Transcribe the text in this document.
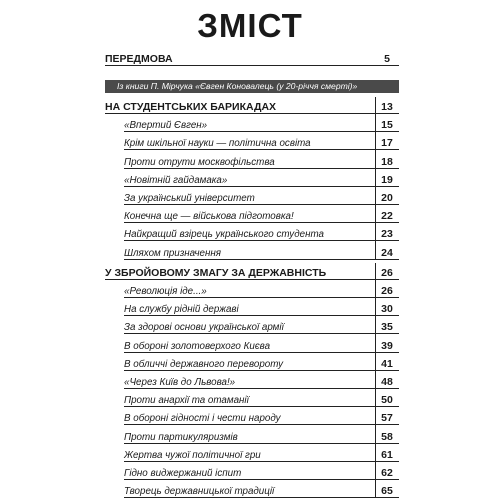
ЗМІСТ
ПЕРЕДМОВА	5
Із книги П. Мірчука «Євген Коновалець (у 20-річчя смерті)»
НА СТУДЕНТСЬКИХ БАРИКАДАХ	13
«Впертий Євген»	15
Крім шкільної науки — політична освіта	17
Проти отрути москвофільства	18
«Новітній гайдамака»	19
За український університет	20
Конечна ще — військова підготовка!	22
Найкращий взірець українського студента	23
Шляхом призначення	24
У ЗБРОЙОВОМУ ЗМАГУ ЗА ДЕРЖАВНІСТЬ	26
«Революція іде...»	26
На службу рідній державі	30
За здорові основи української армії	35
В обороні золотоверхого Києва	39
В обличчі державного перевороту	41
«Через Київ до Львова!»	48
Проти анархії та отаманії	50
В обороні гідності і чести народу	57
Проти партикуляризмів	58
Жертва чужої політичної гри	61
Гідно виджержаний іспит	62
Творець державницької традиції	65
